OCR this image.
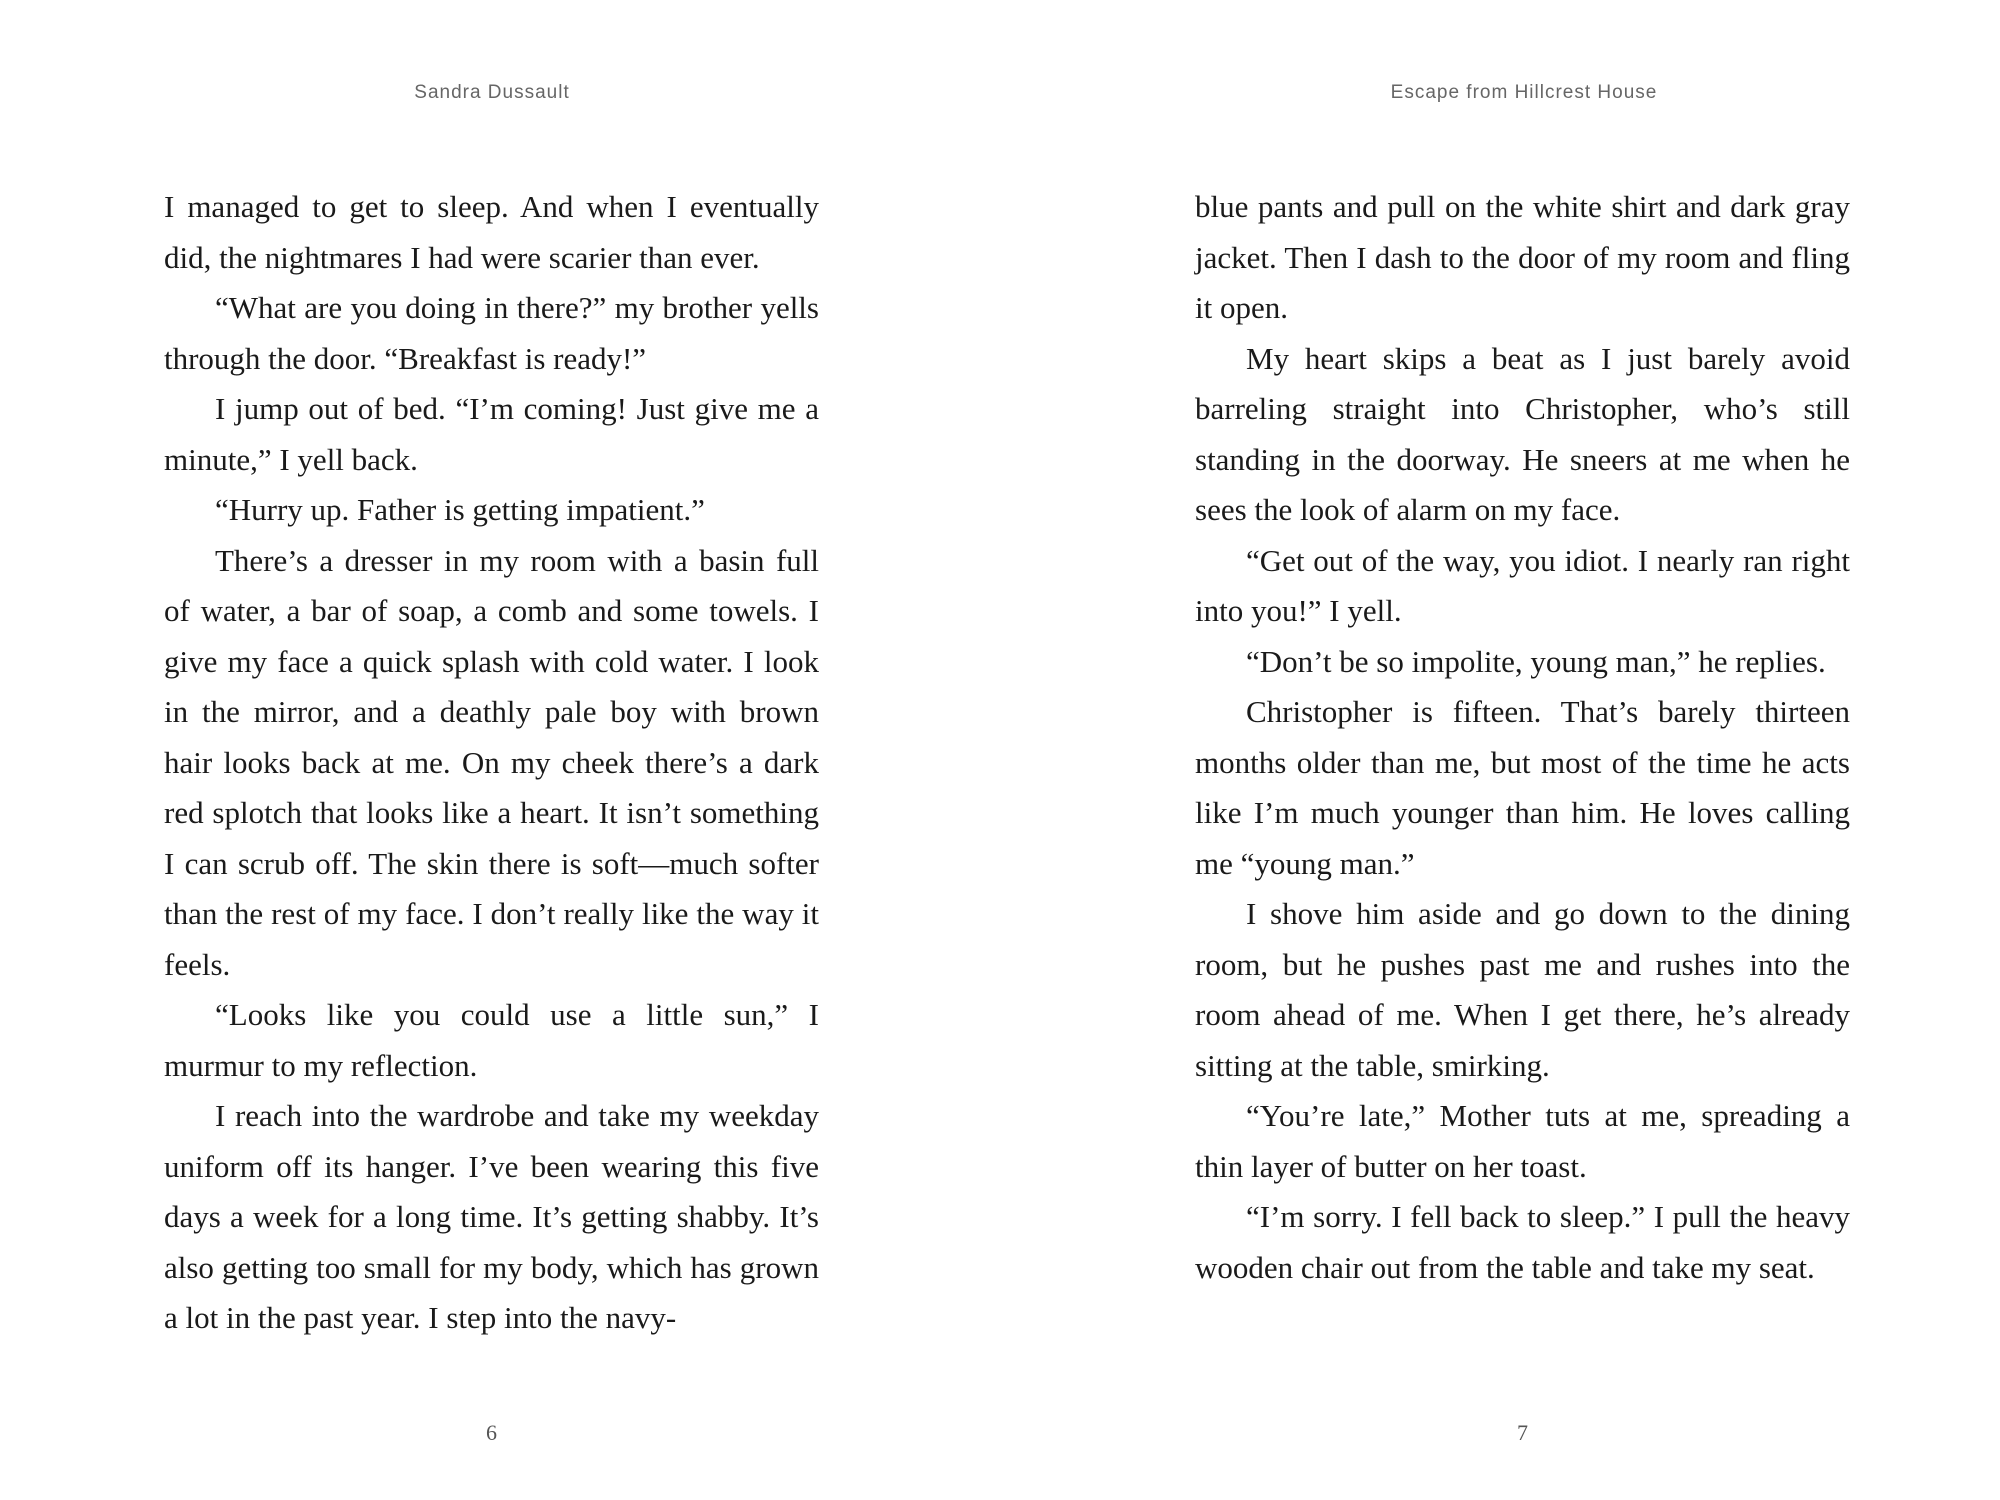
Sandra Dussault

I managed to get to sleep. And when I eventually did, the nightmares I had were scarier than ever.

“What are you doing in there?” my brother yells through the door. “Breakfast is ready!”

I jump out of bed. “I’m coming! Just give me a minute,” I yell back.

“Hurry up. Father is getting impatient.”

There’s a dresser in my room with a basin full of water, a bar of soap, a comb and some towels. I give my face a quick splash with cold water. I look in the mirror, and a deathly pale boy with brown hair looks back at me. On my cheek there’s a dark red splotch that looks like a heart. It isn’t something I can scrub off. The skin there is soft—much softer than the rest of my face. I don’t really like the way it feels.

“Looks like you could use a little sun,” I murmur to my reflection.

I reach into the wardrobe and take my weekday uniform off its hanger. I’ve been wearing this five days a week for a long time. It’s getting shabby. It’s also getting too small for my body, which has grown a lot in the past year. I step into the navy-

6
Escape from Hillcrest House

blue pants and pull on the white shirt and dark gray jacket. Then I dash to the door of my room and fling it open.

My heart skips a beat as I just barely avoid barreling straight into Christopher, who’s still standing in the doorway. He sneers at me when he sees the look of alarm on my face.

“Get out of the way, you idiot. I nearly ran right into you!” I yell.

“Don’t be so impolite, young man,” he replies.

Christopher is fifteen. That’s barely thirteen months older than me, but most of the time he acts like I’m much younger than him. He loves calling me “young man.”

I shove him aside and go down to the dining room, but he pushes past me and rushes into the room ahead of me. When I get there, he’s already sitting at the table, smirking.

“You’re late,” Mother tuts at me, spreading a thin layer of butter on her toast.

“I’m sorry. I fell back to sleep.” I pull the heavy wooden chair out from the table and take my seat.

7
